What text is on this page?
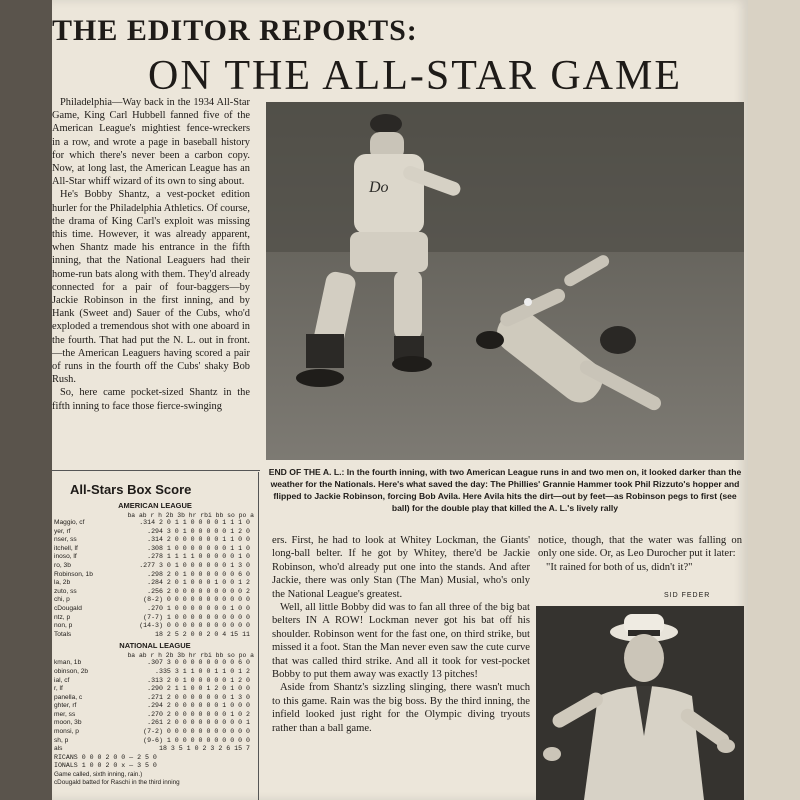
THE EDITOR REPORTS:
ON THE ALL-STAR GAME

Philadelphia—Way back in the 1934 All-Star Game, King Carl Hubbell fanned five of the American League's mightiest fence-wreckers in a row, and wrote a page in baseball history for which there's never been a carbon copy. Now, at long last, the American League has an All-Star whiff wizard of its own to sing about.

He's Bobby Shantz, a vest-pocket edition hurler for the Philadelphia Athletics. Of course, the drama of King Carl's exploit was missing this time. However, it was already apparent, when Shantz made his entrance in the fifth inning, that the National Leaguers had their home-run bats along with them. They'd already connected for a pair of four-baggers—by Jackie Robinson in the first inning, and by Hank (Sweet and) Sauer of the Cubs, who'd exploded a tremendous shot with one aboard in the fourth. That had put the N. L. out in front. —the American Leaguers having scored a pair of runs in the fourth off the Cubs' shaky Bob Rush.

So, here came pocket-sized Shantz in the fifth inning to face those fierce-swinging

Do
END OF THE A. L.: In the fourth inning, with two American League runs in and two men on, it looked darker than the weather for the Nationals. Here's what saved the day: The Phillies' Grannie Hammer took Phil Rizzuto's hopper and flipped to Jackie Robinson, forcing Bob Avila. Here Avila hits the dirt—out by feet—as Robinson pegs to first (see ball) for the double play that killed the A. L.'s lively rally
All-Stars Box Score
AMERICAN LEAGUE
ba ab r h 2b 3b hr rbi bb so po a
Maggio, cf	.314 2 0 1 1 0 0 0 0 1 1 1 0
yer, rf	.294 3 0 1 0 0 0 0 0 1 2 0
nser, ss	.314 2 0 0 0 0 0 0 1 1 0 0
itchell, lf	.308 1 0 0 0 0 0 0 0 1 1 0
inoso, lf	.278 1 1 1 1 0 0 0 0 0 1 0
ro, 3b	.277 3 0 1 0 0 0 0 0 0 1 3 0
Robinson, 1b	.298 2 0 1 0 0 0 0 0 0 6 0
la, 2b	.284 2 0 1 0 0 0 1 0 0 1 2
zuto, ss	.256 2 0 0 0 0 0 0 0 0 0 2
chi, p	(8-2) 0 0 0 0 0 0 0 0 0 0 0
cDougald	.270 1 0 0 0 0 0 0 0 1 0 0
ntz, p	(7-7) 1 0 0 0 0 0 0 0 0 0 0
non, p	(14-3) 0 0 0 0 0 0 0 0 0 0 0
Totals	18 2 5 2 0 0 2 0 4 15 11
NATIONAL LEAGUE
ba ab r h 2b 3b hr rbi bb so po a
kman, 1b	.307 3 0 0 0 0 0 0 0 0 6 0
obinson, 2b	.335 3 1 1 0 0 1 1 0 1 2
ial, cf	.313 2 0 1 0 0 0 0 0 1 2 0
r, lf	.290 2 1 1 0 0 1 2 0 1 0 0
panella, c	.271 2 0 0 0 0 0 0 0 1 3 0
ghter, rf	.294 2 0 0 0 0 0 0 1 0 0 0
mer, ss	.270 2 0 0 0 0 0 0 0 1 0 2
moon, 3b	.261 2 0 0 0 0 0 0 0 0 0 1
monsi, p	(7-2) 0 0 0 0 0 0 0 0 0 0 0
sh, p	(9-6) 1 0 0 0 0 0 0 0 0 0 0
als	18 3 5 1 0 2 3 2 6 15 7
RICANS 0 0 0 2 0 0 — 2 5 0
IONALS 1 0 0 2 0 x — 3 5 0
Game called, sixth inning, rain.)
cDougald batted for Raschi in the third inning

ers. First, he had to look at Whitey Lockman, the Giants' long-ball belter. If he got by Whitey, there'd be Jackie Robinson, who'd already put one into the stands. And after Jackie, there was only Stan (The Man) Musial, who's only the National League's greatest.

Well, all little Bobby did was to fan all three of the big bat belters IN A ROW! Lockman never got his bat off his shoulder. Robinson went for the fast one, on third strike, but missed it a foot. Stan the Man never even saw the cute curve that was called third strike. And all it took for vest-pocket Bobby to put them away was exactly 13 pitches!

Aside from Shantz's sizzling slinging, there wasn't much to this game. Rain was the big boss. By the third inning, the infield looked just right for the Olympic diving tryouts rather than a ball game.

notice, though, that the water was falling on only one side. Or, as Leo Durocher put it later:

"It rained for both of us, didn't it?"

SID FEDER
